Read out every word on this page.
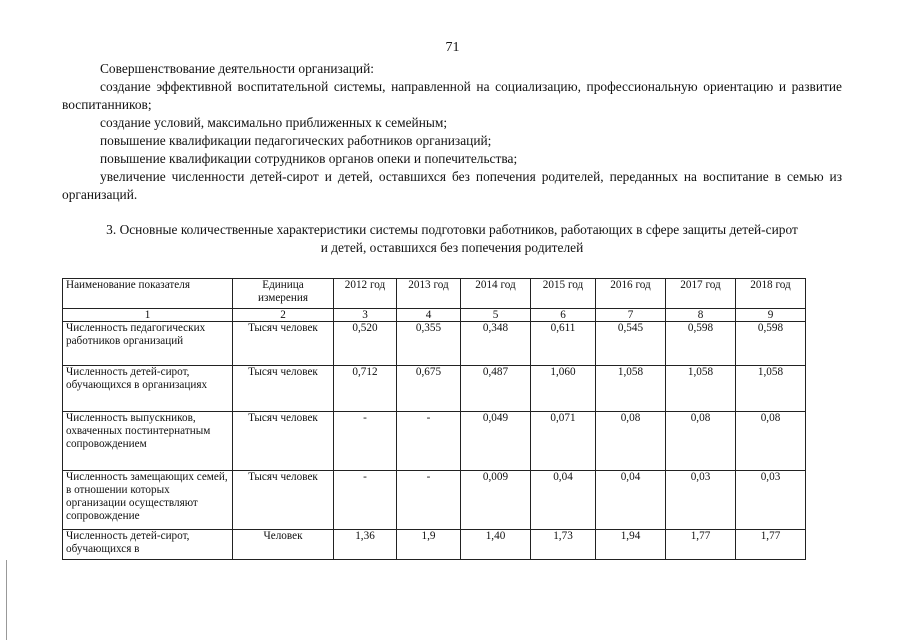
71

Совершенствование деятельности организаций:

создание эффективной воспитательной системы, направленной на социализацию, профессиональную ориентацию и развитие воспитанников;

создание условий, максимально приближенных к семейным;

повышение квалификации педагогических работников организаций;

повышение квалификации сотрудников органов опеки и попечительства;

увеличение численности детей-сирот и детей, оставшихся без попечения родителей, переданных на воспитание в семью из организаций.

3. Основные количественные характеристики системы подготовки работников, работающих в сфере защиты детей-сирот
и детей, оставшихся без попечения родителей
Наименование показателя	Единица измерения	2012 год	2013 год	2014 год	2015 год	2016 год	2017 год	2018 год
1	2	3	4	5	6	7	8	9
Численность педагогических работников организаций	Тысяч человек	0,520	0,355	0,348	0,611	0,545	0,598	0,598
Численность детей-сирот, обучающихся в организациях	Тысяч человек	0,712	0,675	0,487	1,060	1,058	1,058	1,058
Численность выпускников, охваченных постинтернатным сопровождением	Тысяч человек	-	-	0,049	0,071	0,08	0,08	0,08
Численность замещающих семей, в отношении которых организации осуществляют сопровождение	Тысяч человек	-	-	0,009	0,04	0,04	0,03	0,03
Численность детей-сирот, обучающихся в	Человек	1,36	1,9	1,40	1,73	1,94	1,77	1,77
